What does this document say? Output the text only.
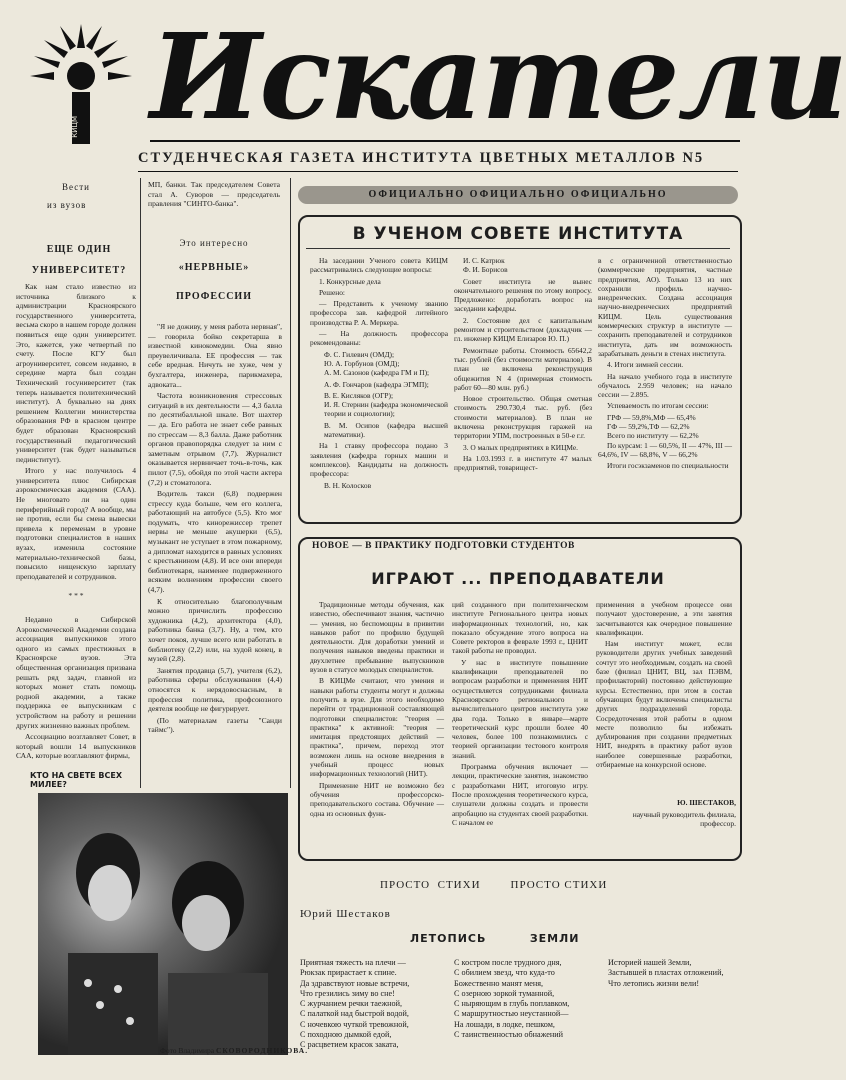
КИЦМ Искатели
СТУДЕНЧЕСКАЯ ГАЗЕТА ИНСТИТУТА ЦВЕТНЫХ МЕТАЛЛОВ N5
Вести
из вузов
ЕЩЕ ОДИН
УНИВЕРСИТЕТ?

Как нам стало известно из источника близкого к администрации Красноярского государственного университета, весьма скоро в нашем городе должен появиться еще один университет. Это, кажется, уже четвертый по счету. После КГУ был агроуниверситет, совсем недавно, в середине марта был создан Технический госуниверситет (так теперь называется политехнический институт). А буквально на днях решением Коллегии министерства образования РФ в красном центре будет образован Красноярский государственный педагогический университет (так будет называться пединститут).

Итого у нас получилось 4 университета плюс Сибирская аэрокосмическая академия (САА). Не многовато ли на один периферийный город? А вообще, мы не против, если бы смена вывески привела к переменам в уровне подготовки специалистов в наших вузах, изменила состояние материально-технической базы, повысило нищенскую зарплату преподавателей и сотрудников.

* * *

Недавно в Сибирской Аэрокосмической Академии создана ассоциация выпускников этого одного из самых престижных в Красноярске вузов. Эта общественная организация призвана решать ряд задач, главной из которых может стать помощь родной академии, а также поддержка ее выпускникам с устройством на работу и решении других жизненно важных проблем.

Ассоциацию возглавляет Совет, в который вошли 14 выпускников САА, которые возглавляют фирмы,

КТО НА СВЕТЕ ВСЕХ МИЛЕЕ?

МП, банки. Так председателем Совета стал А. Суворов — председатель правления "СИНТО-банка".

Это интересно
«НЕРВНЫЕ»
ПРОФЕССИИ

"Я не доживу, у меня работа нервная", — говорила бойко секретарша в известной кинокомедии. Она явно преувеличивала. ЕЕ профессия — так себе вредная. Ничуть не хуже, чем у бухгалтера, инженера, парикмахера, адвоката...

Частота возникновения стрессовых ситуаций в их деятельности — 4,3 балла по десятибалльной шкале. Вот шахтер — да. Его работа не знает себе равных по стрессам — 8,3 балла. Даже работник органов правопорядка следует за ним с заметным отрывом (7,7). Журналист оказывается нервничает точь-в-точь, как пилот (7,5), обойдя по этой части актера (7,2) и стоматолога.

Водитель такси (6,8) подвержен стрессу куда больше, чем его коллега, работающий на автобусе (5,5). Кто мог подумать, что кинорежиссер трепет нервы не меньше акушерки (6,5), музыкант не уступает в этом пожарному, а дипломат находится в равных условиях с крестьянином (4,8). И все они впереди библиотекаря, наименее подверженного всяким волнениям профессии своего (4,7).

К относительно благополучным можно причислить профессию художника (4,2), архитектора (4,0), работника банка (3,7). Ну, а тем, кто хочет покоя, лучше всего или работать в библиотеку (2,2) или, на худой конец, в музей (2,8).

Занятия продавца (5,7), учителя (6,2), работника сферы обслуживания (4,4) относятся к нерядовоснасным, в профессия политика, профсоюзного деятеля вообще не фигурирует.

(По материалам газеты "Санди таймс").

Фото Владимира СКОВОРОДНИКОВА.
ОФИЦИАЛЬНО ОФИЦИАЛЬНО ОФИЦИАЛЬНО
В УЧЕНОМ СОВЕТЕ ИНСТИТУТА

На заседании Ученого совета КИЦМ рассматривались следующие вопросы:

1. Конкурсные дела

Решено:

— Представить к ученому званию профессора зав. кафедрой литейного производства Р. А. Меркера.

— На должность профессора рекомендованы:

Ф. С. Гилевич (ОМД);

Ю. А. Горбунов (ОМД);

А. М. Сазонов (кафедра ГМ и П);

А. Ф. Гончаров (кафедра ЭГМП);

В. Е. Кисляков (ОГР);

И. Я. Стернин (кафедра экономической теории и социологии);

В. М. Осипов (кафедра высшей математики).

На 1 ставку профессора подано 3 заявления (кафедра горных машин и комплексов). Кандидаты на должность профессора:

В. Н. Колосков

И. С. Катрюк

Ф. И. Борисов

Совет института не вынес окончательного решения по этому вопросу. Предложено: доработать вопрос на заседании кафедры.

2. Состояние дел с капитальным ремонтом и строительством (докладчик — гл. инженер КИЦМ Елизаров Ю. П.)

Ремонтные работы. Стоимость 65642,2 тыс. рублей (без стоимости материалов). В план не включена реконструкция общежития N 4 (примерная стоимость работ 60—80 млн. руб.)

Новое строительство. Общая сметная стоимость 290.730,4 тыс. руб. (без стоимости материалов). В план не включена реконструкция гаражей на территории УПМ, построенных в 50-е г.г.

3. О малых предприятиях в КИЦМе.

На 1.03.1993 г. в институте 47 малых предприятий, товарищест-

в с ограниченной ответственностью (коммерческие предприятия, частные предприятия, АО). Только 13 из них сохранили профиль научно-внедренческих. Создана ассоциация научно-внедренческих предприятий КИЦМ. Цель существования коммерческих структур в институте — сохранить преподавателей и сотрудников института, дать им возможность зарабатывать деньги в стенах института.

4. Итоги зимней сессии.

На начало учебного года в институте обучалось 2.959 человек; на начало сессии — 2.895.

Успеваемость по итогам сессии:

ГРФ — 59,8%,МФ — 65,4%

ГФ — 59,2%,ТФ — 62,2%

Всего по институту — 62,2%

По курсам: 1 — 60,5%, II — 47%, III — 64,6%, IV — 68,8%, V — 66,2%

Итоги госэкзаменов по специальности

НОВОЕ — В ПРАКТИКУ ПОДГОТОВКИ СТУДЕНТОВ
ИГРАЮТ ... ПРЕПОДАВАТЕЛИ

Традиционные методы обучения, как известно, обеспечивают знания, частично — умения, но беспомощны в привитии навыков работ по профилю будущей деятельности. Для доработки умений и получения навыков введены практики и двухлетнее пребывание выпускников вузов в статусе молодых специалистов.

В КИЦМе считают, что умения и навыки работы студенты могут и должны получить в вузе. Для этого необходимо перейти от традиционной составляющей подготовки специалистов: "теория — практика" к активной: "теория — имитация предстоящих действий — практика", причем, переход этот возможен лишь на основе внедрения в учебный процесс новых информационных технологий (НИТ).

Применение НИТ не возможно без обучения профессорско-преподавательского состава. Обучение — одна из основных функ-

ций созданного при политехническом институте Регионального центра новых информационных технологий, но, как показало обсуждение этого вопроса на Совете ректоров в феврале 1993 г., ЦНИТ такой работы не проводил.

У нас в институте повышение квалификации преподавателей по вопросам разработки и применения НИТ осуществляется сотрудниками филиала Красноярского регионального и вычислительного центров института уже два года. Только в январе—марте теоретический курс прошли более 40 человек, более 100 познакомились с теорией организации тестового контроля знаний.

Программа обучения включает — лекции, практические занятия, знакомство с разработками НИТ, итоговую игру. После прохождения теоретического курса, слушатели должны создать и провести апробацию на студентах своей разработки. С началом ее

применения в учебном процессе они получают удостоверение, а эти занятия засчитываются как очередное повышение квалификации.

Нам институт может, если руководители других учебных заведений сочтут это необходимым, создать на своей базе (филиал ЦНИТ, ВЦ, зал ПЭВМ, профилакторий) постоянно действующие курсы. Естественно, при этом в состав обучающих будут включены специалисты других подразделений города. Сосредоточения этой работы в одном месте позволило бы избежать дублирования при создании предметных НИТ, внедрять в практику работ вузов наиболее совершенные разработки, отбираемые на конкурсной основе.

Ю. ШЕСТАКОВ,
научный руководитель филиала, профессор.
ПРОСТО  СТИХИ        ПРОСТО СТИХИ
Юрий Шестаков
ЛЕТОПИСЬ         ЗЕМЛИ
Приятная тяжесть на плечи —
Рюкзак прирастает к спине.
Да здравствуют новые встречи,
Что грезились зиму во сне!
С журчанием речки таежной,
С палаткой над быстрой водой,
С ночевкою чуткой тревожной,
С походною дымкой едой,
С расцветием красок заката,
С костром после трудного дня,
С обилием звезд, что куда-то
Божественно манят меня,
С озерною зоркой туманной,
С ныряющим в глубь поплавком,
С маршрутностью неустанной—
На лошади, в лодке, пешком,
С таинственностью обнажений
Историей нашей Земли,
Застывшей в пластах отложений,
Что летопись жизни вели!
